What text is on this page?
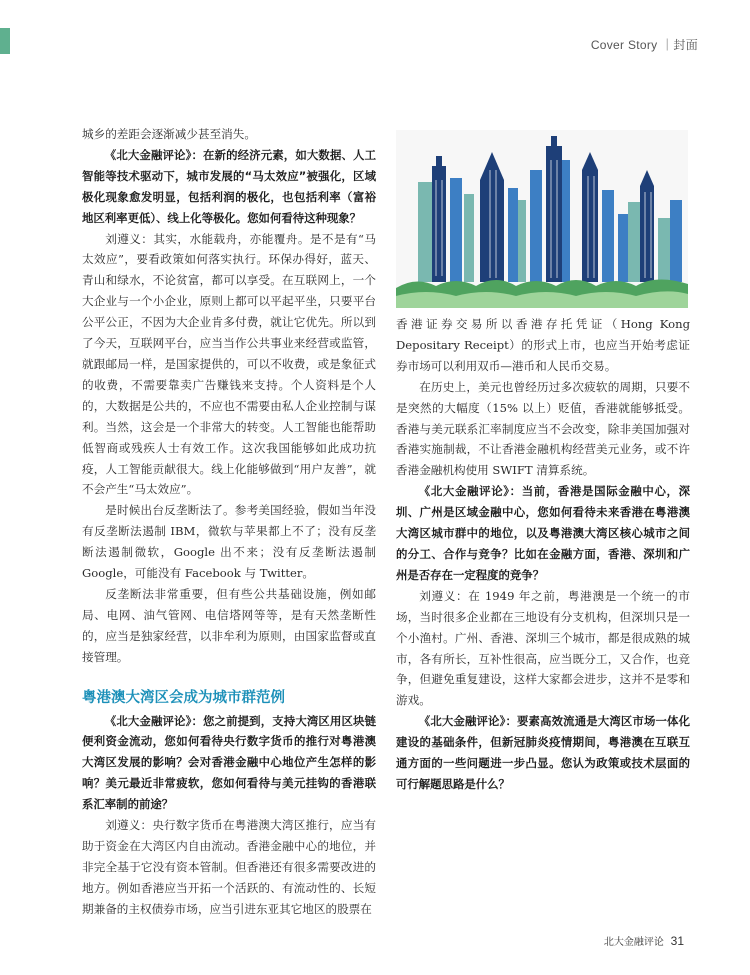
Cover Story ｜封面

城乡的差距会逐渐减少甚至消失。

《北大金融评论》：在新的经济元素，如大数据、人工智能等技术驱动下，城市发展的“马太效应”被强化，区域极化现象愈发明显，包括利润的极化，也包括利率（富裕地区利率更低）、线上化等极化。您如何看待这种现象？

刘遵义：其实，水能载舟，亦能覆舟。是不是有“马太效应”，要看政策如何落实执行。环保办得好，蓝天、青山和绿水，不论贫富，都可以享受。在互联网上，一个大企业与一个小企业，原则上都可以平起平坐，只要平台公平公正，不因为大企业肯多付费，就让它优先。所以到了今天，互联网平台，应当当作公共事业来经营或监管，就跟邮局一样，是国家提供的，可以不收费，或是象征式的收费，不需要靠卖广告赚钱来支持。个人资料是个人的，大数据是公共的，不应也不需要由私人企业控制与谋利。当然，这会是一个非常大的转变。人工智能也能帮助低智商或残疾人士有效工作。这次我国能够如此成功抗疫，人工智能贡献很大。线上化能够做到“用户友善”，就不会产生“马太效应”。

是时候出台反垄断法了。参考美国经验，假如当年没有反垄断法遏制 IBM，微软与苹果都上不了；没有反垄断法遏制微软，Google 出不来；没有反垄断法遏制 Google，可能没有 Facebook 与 Twitter。

反垄断法非常重要，但有些公共基础设施，例如邮局、电网、油气管网、电信塔网等等，是有天然垄断性的，应当是独家经营，以非牟利为原则，由国家监督或直接管理。

粤港澳大湾区会成为城市群范例

《北大金融评论》：您之前提到，支持大湾区用区块链便利资金流动，您如何看待央行数字货币的推行对粤港澳大湾区发展的影响？会对香港金融中心地位产生怎样的影响？美元最近非常疲软，您如何看待与美元挂钩的香港联系汇率制的前途？

刘遵义：央行数字货币在粤港澳大湾区推行，应当有助于资金在大湾区内自由流动。香港金融中心的地位，并非完全基于它没有资本管制。但香港还有很多需要改进的地方。例如香港应当开拓一个活跃的、有流动性的、长短期兼备的主权债券市场，应当引进东亚其它地区的股票在

香港证券交易所以香港存托凭证（Hong Kong Depositary Receipt）的形式上市，也应当开始考虑证券市场可以利用双币—港币和人民币交易。

在历史上，美元也曾经历过多次疲软的周期，只要不是突然的大幅度（15% 以上）贬值，香港就能够抵受。香港与美元联系汇率制度应当不会改变，除非美国加强对香港实施制裁，不让香港金融机构经营美元业务，或不许香港金融机构使用 SWIFT 清算系统。

《北大金融评论》：当前，香港是国际金融中心，深圳、广州是区域金融中心，您如何看待未来香港在粤港澳大湾区城市群中的地位，以及粤港澳大湾区核心城市之间的分工、合作与竞争？比如在金融方面，香港、深圳和广州是否存在一定程度的竞争？

刘遵义：在 1949 年之前，粤港澳是一个统一的市场，当时很多企业都在三地设有分支机构，但深圳只是一个小渔村。广州、香港、深圳三个城市，都是很成熟的城市，各有所长，互补性很高，应当既分工，又合作，也竞争，但避免重复建设，这样大家都会进步，这并不是零和游戏。

《北大金融评论》：要素高效流通是大湾区市场一体化建设的基础条件，但新冠肺炎疫情期间，粤港澳在互联互通方面的一些问题进一步凸显。您认为政策或技术层面的可行解题思路是什么？

北大金融评论 31
